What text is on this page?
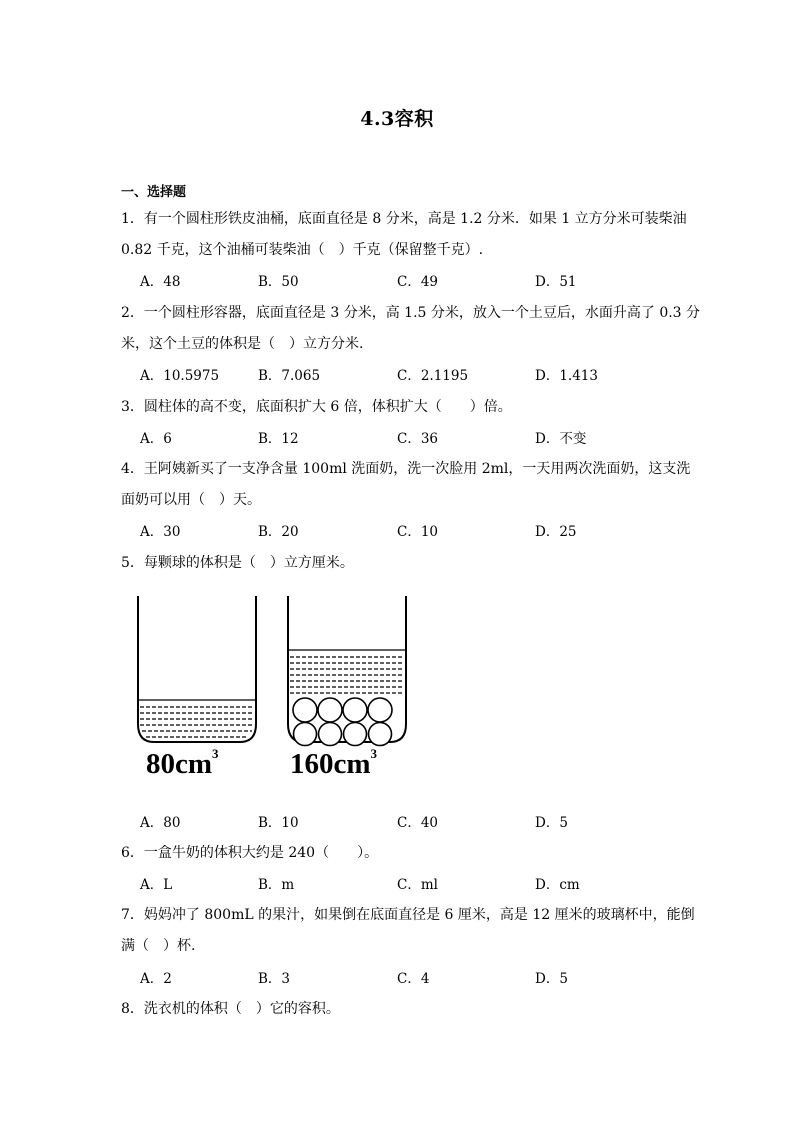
4.3容积
一、选择题
1．有一个圆柱形铁皮油桶，底面直径是 8 分米，高是 1.2 分米．如果 1 立方分米可装柴油
0.82 千克，这个油桶可装柴油（　）千克（保留整千克）.
A．48	B．50	C．49	D．51
2．一个圆柱形容器，底面直径是 3 分米，高 1.5 分米，放入一个土豆后，水面升高了 0.3 分
米，这个土豆的体积是（　）立方分米.
A．10.5975	B．7.065	C．2.1195	D．1.413
3．圆柱体的高不变，底面积扩大 6 倍，体积扩大（　　）倍。
A．6	B．12	C．36	D．不变
4．王阿姨新买了一支净含量 100ml 洗面奶，洗一次脸用 2ml，一天用两次洗面奶，这支洗
面奶可以用（　）天。
A．30	B．20	C．10	D．25
5．每颗球的体积是（　）立方厘米。
$80cm^3$ $160cm^3$
A．80	B．10	C．40	D．5
6．一盒牛奶的体积大约是 240（　　）。
A．L	B．m	C．ml	D．cm
7．妈妈冲了 800mL 的果汁，如果倒在底面直径是 6 厘米，高是 12 厘米的玻璃杯中，能倒
满（　）杯.
A．2	B．3	C．4	D．5
8．洗衣机的体积（　）它的容积。
